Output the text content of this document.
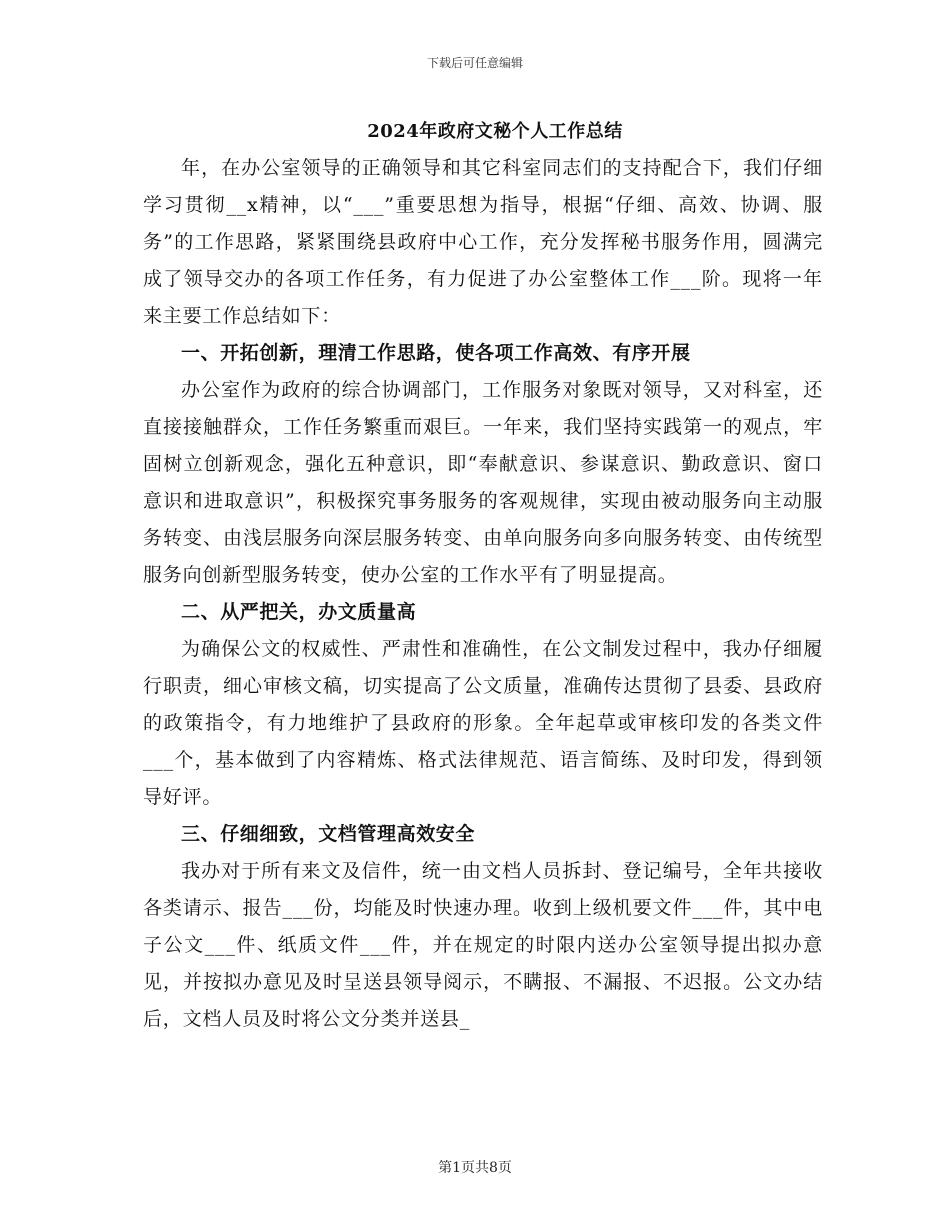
下载后可任意编辑
2024年政府文秘个人工作总结

年，在办公室领导的正确领导和其它科室同志们的支持配合下，我们仔细学习贯彻__x精神，以“___”重要思想为指导，根据“仔细、高效、协调、服务”的工作思路，紧紧围绕县政府中心工作，充分发挥秘书服务作用，圆满完成了领导交办的各项工作任务，有力促进了办公室整体工作___阶。现将一年来主要工作总结如下：

一、开拓创新，理清工作思路，使各项工作高效、有序开展

办公室作为政府的综合协调部门，工作服务对象既对领导，又对科室，还直接接触群众，工作任务繁重而艰巨。一年来，我们坚持实践第一的观点，牢固树立创新观念，强化五种意识，即“奉献意识、参谋意识、勤政意识、窗口意识和进取意识”，积极探究事务服务的客观规律，实现由被动服务向主动服务转变、由浅层服务向深层服务转变、由单向服务向多向服务转变、由传统型服务向创新型服务转变，使办公室的工作水平有了明显提高。

二、从严把关，办文质量高

为确保公文的权威性、严肃性和准确性，在公文制发过程中，我办仔细履行职责，细心审核文稿，切实提高了公文质量，准确传达贯彻了县委、县政府的政策指令，有力地维护了县政府的形象。全年起草或审核印发的各类文件___个，基本做到了内容精炼、格式法律规范、语言简练、及时印发，得到领导好评。

三、仔细细致，文档管理高效安全

我办对于所有来文及信件，统一由文档人员拆封、登记编号，全年共接收各类请示、报告___份，均能及时快速办理。收到上级机要文件___件，其中电子公文___件、纸质文件___件，并在规定的时限内送办公室领导提出拟办意见，并按拟办意见及时呈送县领导阅示，不瞒报、不漏报、不迟报。公文办结后，文档人员及时将公文分类并送县_

第1页共8页
